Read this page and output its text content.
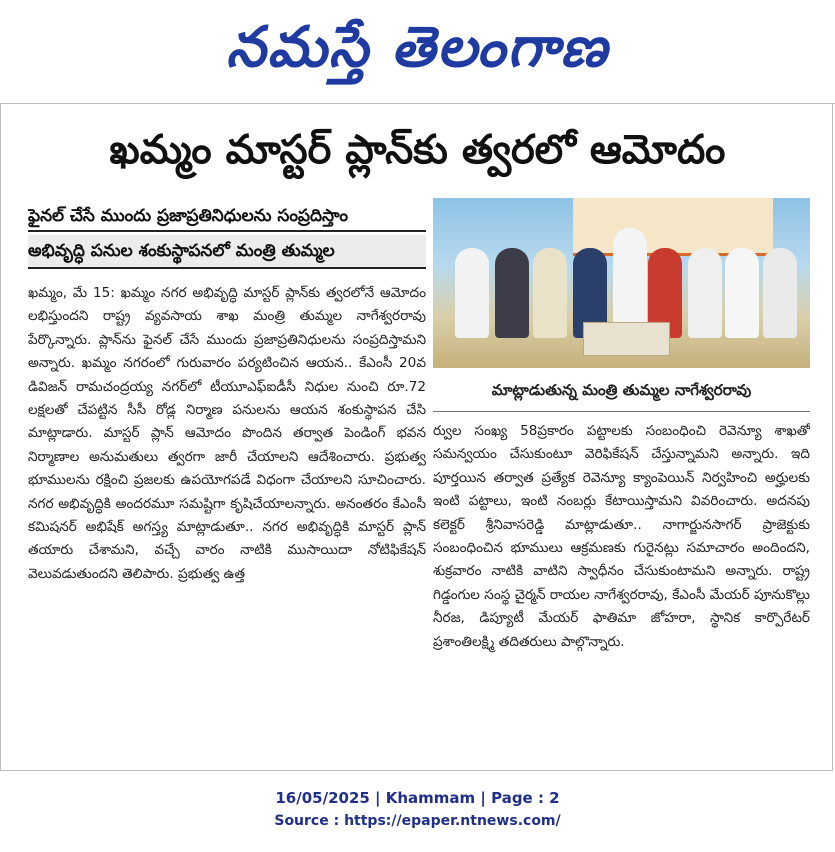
నమస్తే తెలంగాణ
ఖమ్మం మాస్టర్ ప్లాన్‌కు త్వరలో ఆమోదం
ఫైనల్ చేసే ముందు ప్రజాప్రతినిధులను సంప్రదిస్తాం
అభివృద్ధి పనుల శంకుస్థాపనలో మంత్రి తుమ్మల
ఖమ్మం, మే 15: ఖమ్మం నగర అభివృద్ధి మాస్టర్ ప్లాన్‌కు త్వరలోనే ఆమోదం లభిస్తుందని రాష్ట్ర వ్యవసాయ శాఖ మంత్రి తుమ్మల నాగేశ్వరరావు పేర్కొన్నారు. ప్లాన్‌ను ఫైనల్ చేసే ముందు ప్రజాప్రతినిధులను సంప్రదిస్తామని అన్నారు. ఖమ్మం నగరంలో గురువారం పర్యటించిన ఆయన.. కేఎంసీ 20వ డివిజన్ రామచంద్రయ్య నగర్‌లో టీయూఎఫ్ఐడీసీ నిధుల నుంచి రూ.72 లక్షలతో చేపట్టిన సీసీ రోడ్ల నిర్మాణ పనులను ఆయన శంకుస్థాపన చేసి మాట్లాడారు. మాస్టర్ ప్లాన్ ఆమోదం పొందిన తర్వాత పెండింగ్ భవన నిర్మాణాల అనుమతులు త్వరగా జారీ చేయాలని ఆదేశించారు. ప్రభుత్వ భూములను రక్షించి ప్రజలకు ఉపయోగపడే విధంగా చేయాలని సూచించారు. నగర అభివృద్ధికి అందరమూ సమష్టిగా కృషిచేయాలన్నారు. అనంతరం కేఎంసీ కమిషనర్ అభిషేక్ అగస్త్య మాట్లాడుతూ.. నగర అభివృద్ధికి మాస్టర్ ప్లాన్ తయారు చేశామని, వచ్చే వారం నాటికి ముసాయిదా నోటిఫికేషన్ వెలువడుతుందని తెలిపారు. ప్రభుత్వ ఉత్త
మాట్లాడుతున్న మంత్రి తుమ్మల నాగేశ్వరరావు
ర్వుల సంఖ్య 58ప్రకారం పట్టాలకు సంబంధించి రెవెన్యూ శాఖతో సమన్వయం చేసుకుంటూ వెరిఫికేషన్ చేస్తున్నామని అన్నారు. ఇది పూర్తయిన తర్వాత ప్రత్యేక రెవెన్యూ క్యాంపెయిన్ నిర్వహించి అర్హులకు ఇంటి పట్టాలు, ఇంటి నంబర్లు కేటాయిస్తామని వివరించారు. అదనపు కలెక్టర్ శ్రీనివాసరెడ్డి మాట్లాడుతూ.. నాగార్జునసాగర్ ప్రాజెక్టుకు సంబంధించిన భూములు ఆక్రమణకు గురైనట్లు సమాచారం అందిందని, శుక్రవారం నాటికి వాటిని స్వాధీనం చేసుకుంటామని అన్నారు. రాష్ట్ర గిడ్డంగుల సంస్థ చైర్మన్ రాయల నాగేశ్వరరావు, కేఎంసీ మేయర్ పూనుకొల్లు నీరజ, డిప్యూటీ మేయర్ ఫాతిమా జోహరా, స్థానిక కార్పొరేటర్ ప్రశాంతిలక్ష్మి తదితరులు పాల్గొన్నారు.
16/05/2025 | Khammam | Page : 2
Source : https://epaper.ntnews.com/
